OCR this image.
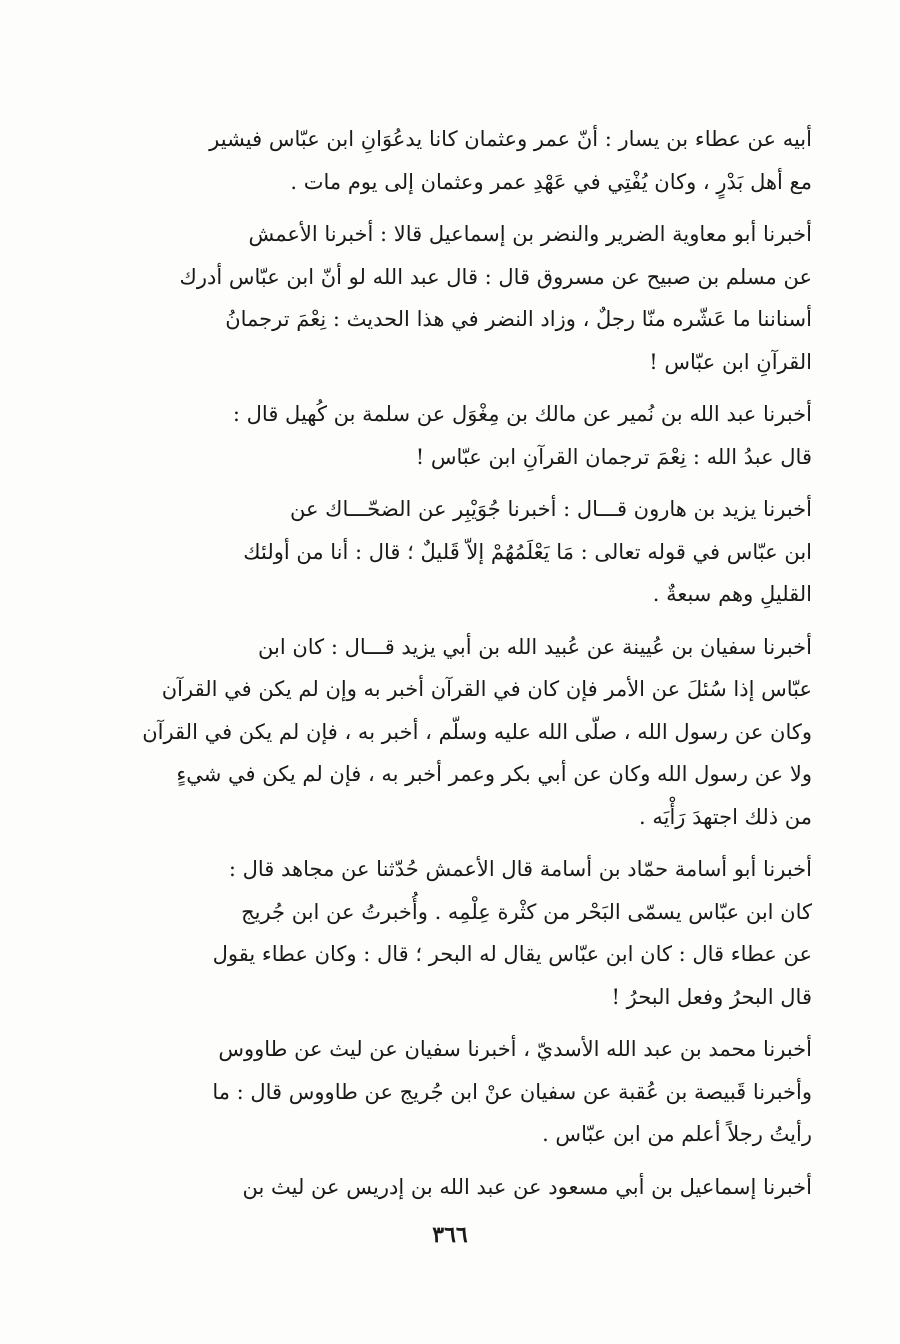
أبيه عن عطاء بن يسار : أنّ عمر وعثمان كانا يدعُوَانِ ابن عبّاس فيشير
مع أهل بَدْرٍ ، وكان يُفْتِي في عَهْدِ عمر وعثمان إلى يوم مات .

أخبرنا أبو معاوية الضرير والنضر بن إسماعيل قالا : أخبرنا الأعمش
عن مسلم بن صبيح عن مسروق قال : قال عبد الله لو أنّ ابن عبّاس أدرك
أسناننا ما عَشّره منّا رجلٌ ، وزاد النضر في هذا الحديث : نِعْمَ ترجمانُ
القرآنِ ابن عبّاس !

أخبرنا عبد الله بن نُمير عن مالك بن مِغْوَل عن سلمة بن كُهيل قال :
قال عبدُ الله : نِعْمَ ترجمان القرآنِ ابن عبّاس !

أخبرنا يزيد بن هارون قـــال : أخبرنا جُوَيْبِر عن الضحّـــاك عن
ابن عبّاس في قوله تعالى : مَا يَعْلَمُهُمْ إلاّ قَليلٌ ؛ قال : أنا من أولئك
القليلِ وهم سبعةٌ .

أخبرنا سفيان بن عُيينة عن عُبيد الله بن أبي يزيد قـــال : كان ابن
عبّاس إذا سُئلَ عن الأمر فإن كان في القرآن أخبر به وإن لم يكن في القرآن
وكان عن رسول الله ، صلّى الله عليه وسلّم ، أخبر به ، فإن لم يكن في القرآن
ولا عن رسول الله وكان عن أبي بكر وعمر أخبر به ، فإن لم يكن في شيءٍ
من ذلك اجتهدَ رَأْيَه .

أخبرنا أبو أسامة حمّاد بن أسامة قال الأعمش حُدّثنا عن مجاهد قال :
كان ابن عبّاس يسمّى البَحْر من كثْرة عِلْمِه . وأُخبرتُ عن ابن جُريج
عن عطاء قال : كان ابن عبّاس يقال له البحر ؛ قال : وكان عطاء يقول
قال البحرُ وفعل البحرُ !

أخبرنا محمد بن عبد الله الأسديّ ، أخبرنا سفيان عن ليث عن طاووس
وأخبرنا قَبيصة بن عُقبة عن سفيان عنْ ابن جُريج عن طاووس قال : ما
رأيتُ رجلاً أعلم من ابن عبّاس .

أخبرنا إسماعيل بن أبي مسعود عن عبد الله بن إدريس عن ليث بن

٣٦٦
